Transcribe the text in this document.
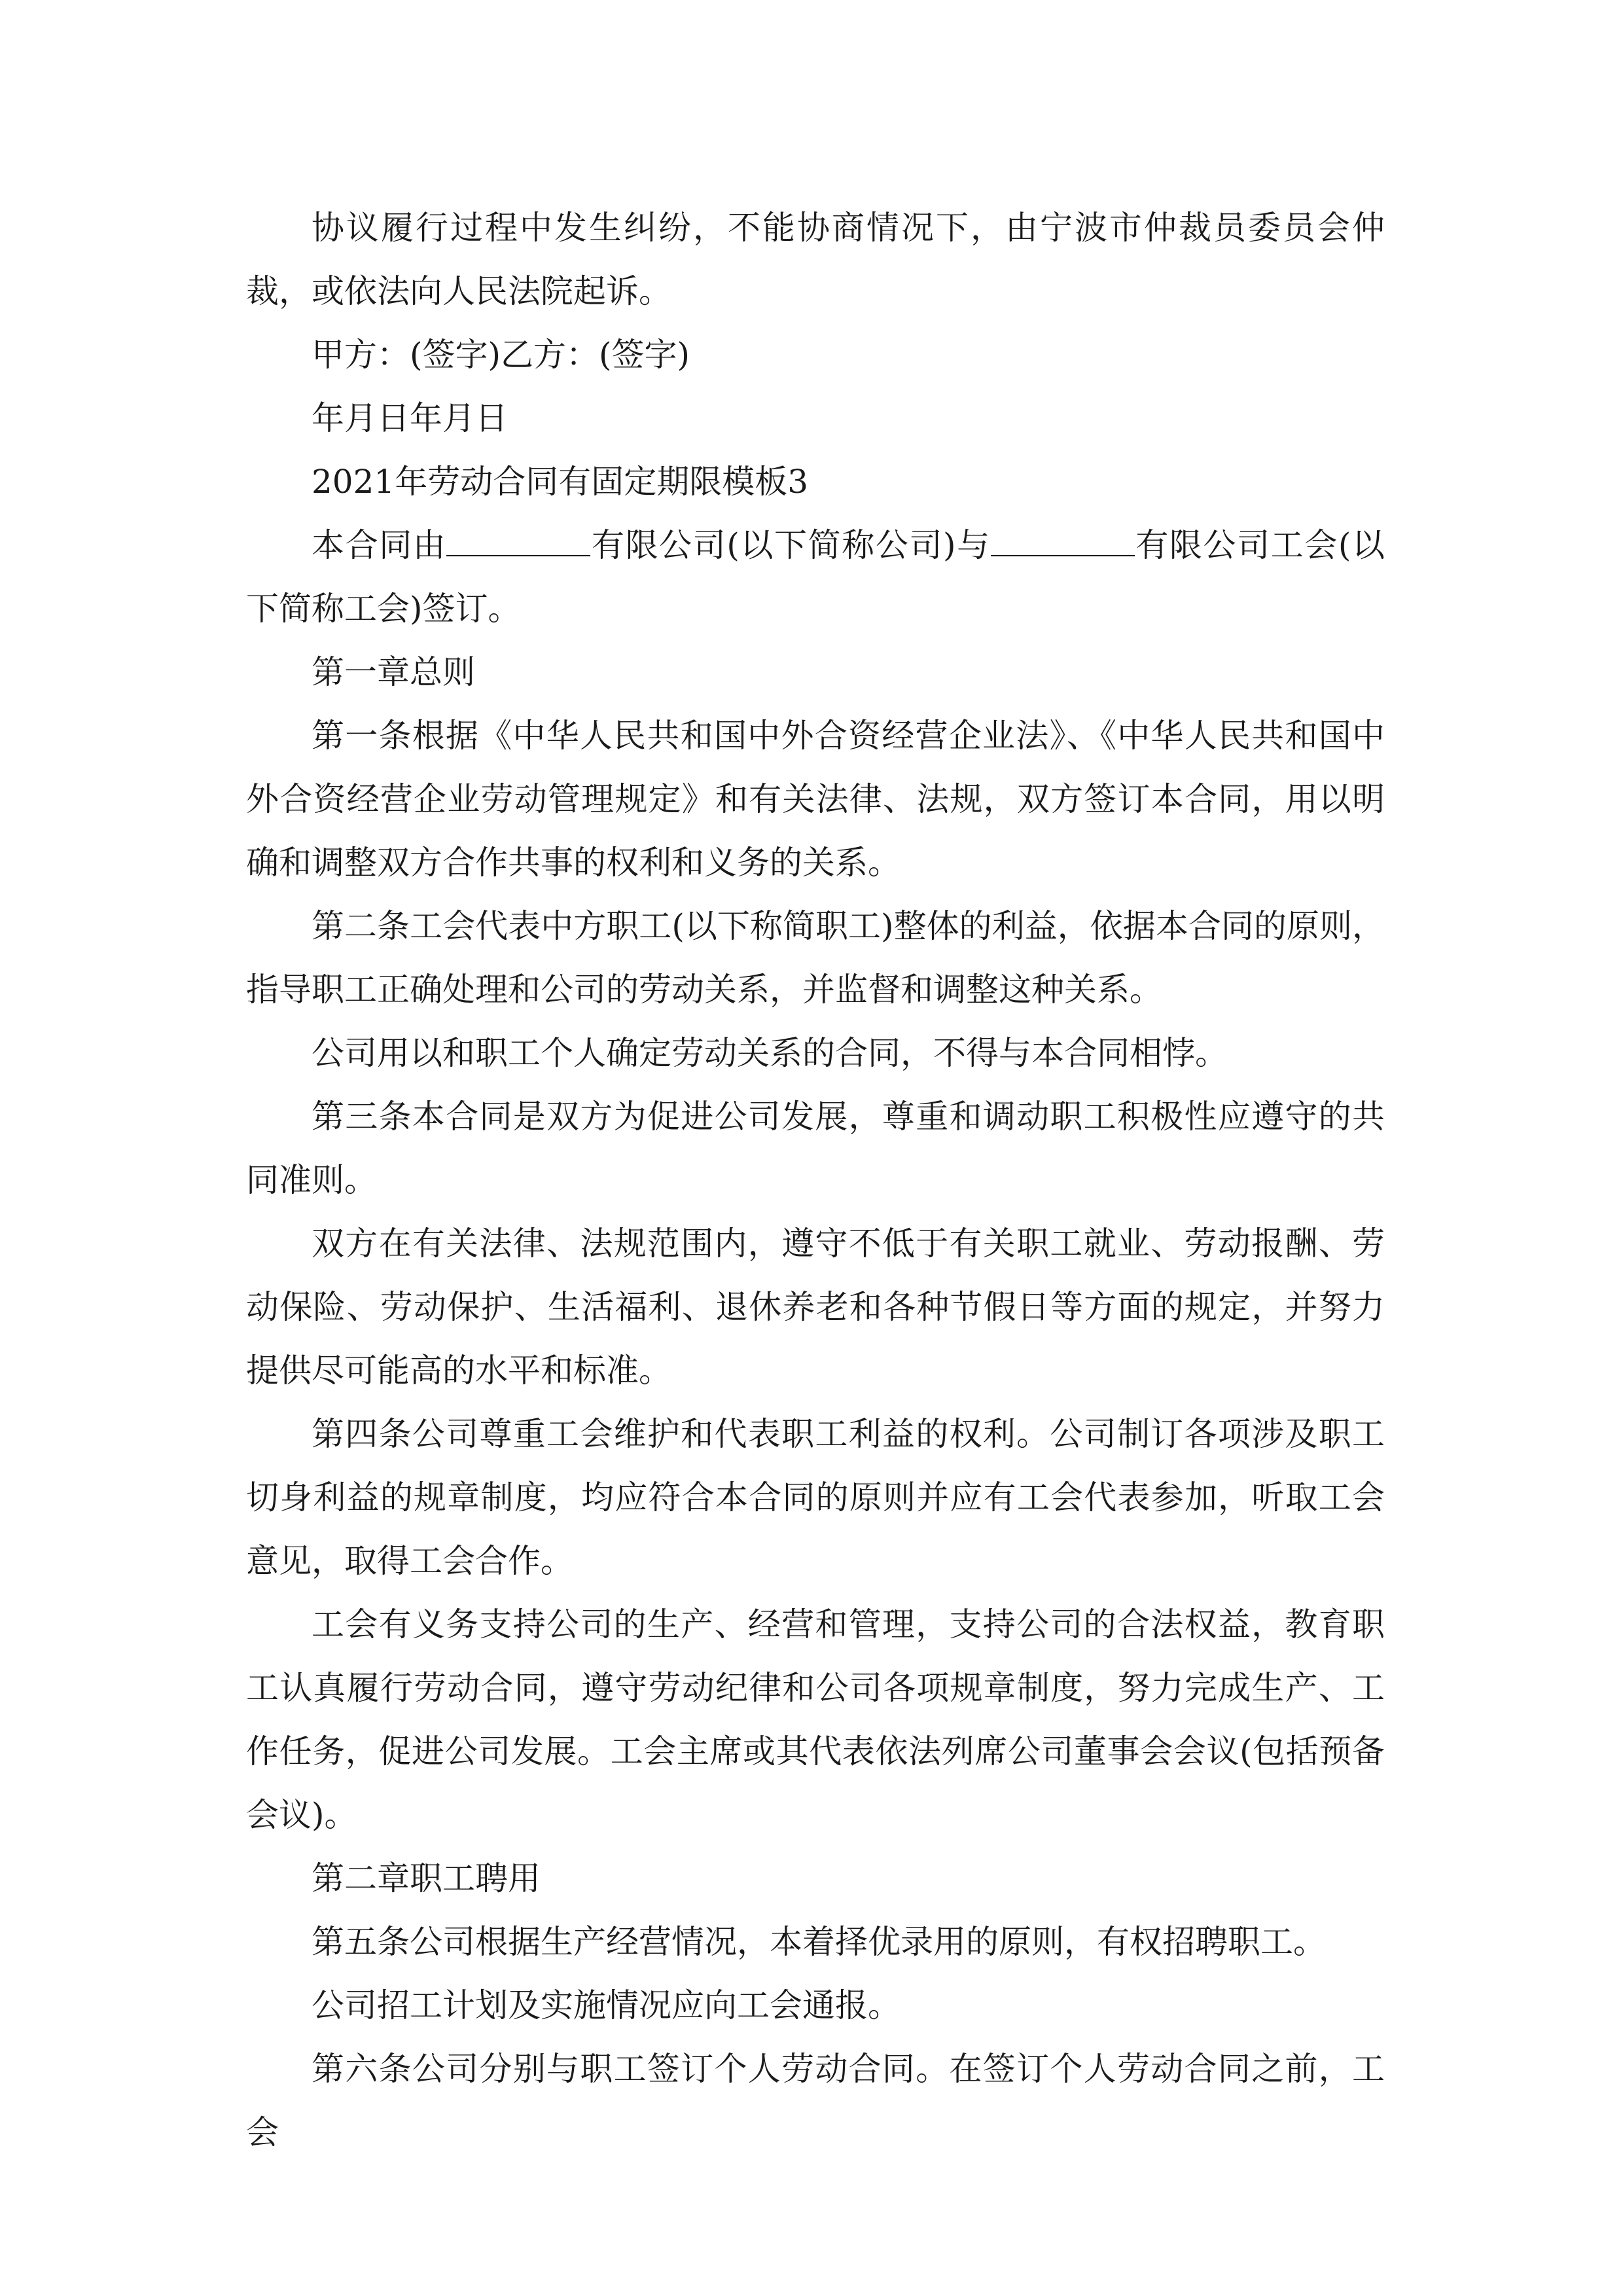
协议履行过程中发生纠纷，不能协商情况下，由宁波市仲裁员委员会仲裁，或依法向人民法院起诉。

甲方：(签字)乙方：(签字)

年月日年月日

2021年劳动合同有固定期限模板3

本合同由	有限公司(以下简称公司)与	有限公司工会(以下简称工会)签订。

第一章总则

第一条根据《中华人民共和国中外合资经营企业法》、《中华人民共和国中外合资经营企业劳动管理规定》和有关法律、法规，双方签订本合同，用以明确和调整双方合作共事的权利和义务的关系。

第二条工会代表中方职工(以下称简职工)整体的利益，依据本合同的原则，指导职工正确处理和公司的劳动关系，并监督和调整这种关系。

公司用以和职工个人确定劳动关系的合同，不得与本合同相悖。

第三条本合同是双方为促进公司发展，尊重和调动职工积极性应遵守的共同准则。

双方在有关法律、法规范围内，遵守不低于有关职工就业、劳动报酬、劳动保险、劳动保护、生活福利、退休养老和各种节假日等方面的规定，并努力提供尽可能高的水平和标准。

第四条公司尊重工会维护和代表职工利益的权利。公司制订各项涉及职工切身利益的规章制度，均应符合本合同的原则并应有工会代表参加，听取工会意见，取得工会合作。

工会有义务支持公司的生产、经营和管理，支持公司的合法权益，教育职工认真履行劳动合同，遵守劳动纪律和公司各项规章制度，努力完成生产、工作任务，促进公司发展。工会主席或其代表依法列席公司董事会会议(包括预备会议)。

第二章职工聘用

第五条公司根据生产经营情况，本着择优录用的原则，有权招聘职工。

公司招工计划及实施情况应向工会通报。

第六条公司分别与职工签订个人劳动合同。在签订个人劳动合同之前，工会
